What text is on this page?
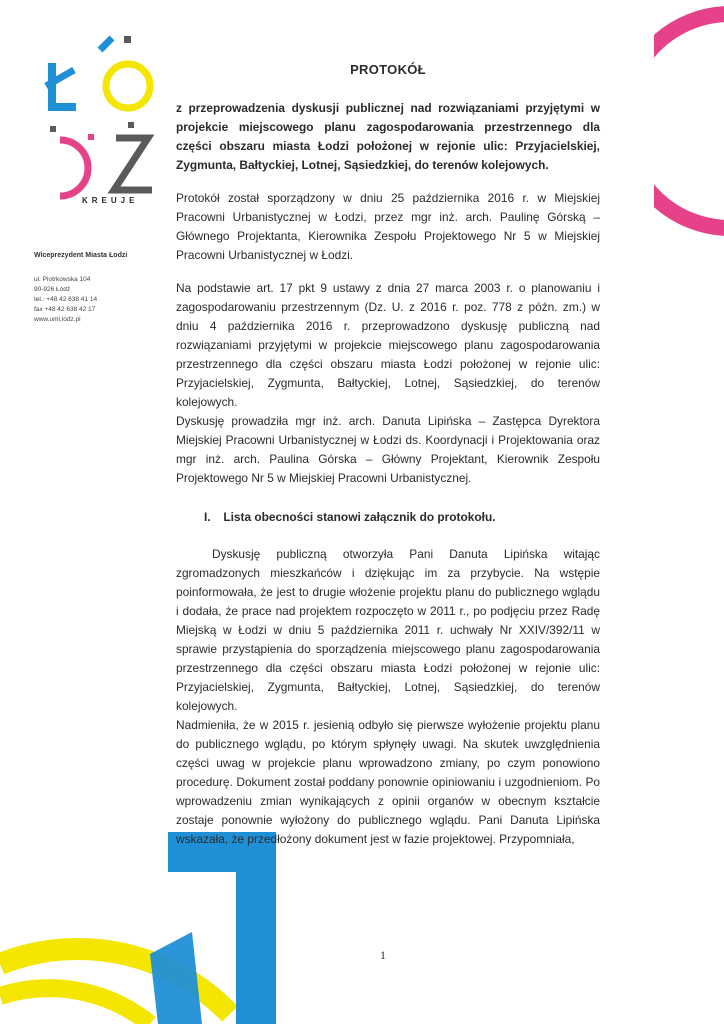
KREUJE
Wiceprezydent Miasta Łodzi
ul. Piotrkowska 104
90-926 Łódź
tel.: +48 42 638 41 14
fax +48 42 638 42 17
www.uml.lodz.pl
PROTOKÓŁ

z przeprowadzenia dyskusji publicznej nad rozwiązaniami przyjętymi w projekcie miejscowego planu zagospodarowania przestrzennego dla części obszaru miasta Łodzi położonej w rejonie ulic: Przyjacielskiej, Zygmunta, Bałtyckiej, Lotnej, Sąsiedzkiej, do terenów kolejowych.

Protokół został sporządzony w dniu 25 października 2016 r. w Miejskiej Pracowni Urbanistycznej w Łodzi, przez mgr inż. arch. Paulinę Górską – Głównego Projektanta, Kierownika Zespołu Projektowego Nr 5 w Miejskiej Pracowni Urbanistycznej w Łodzi.

Na podstawie art. 17 pkt 9 ustawy z dnia 27 marca 2003 r. o planowaniu i zagospodarowaniu przestrzennym (Dz. U. z 2016 r. poz. 778 z późn. zm.) w dniu 4 października 2016 r. przeprowadzono dyskusję publiczną nad rozwiązaniami przyjętymi w projekcie miejscowego planu zagospodarowania przestrzennego dla części obszaru miasta Łodzi położonej w rejonie ulic: Przyjacielskiej, Zygmunta, Bałtyckiej, Lotnej, Sąsiedzkiej, do terenów kolejowych.

Dyskusję prowadziła mgr inż. arch. Danuta Lipińska – Zastępca Dyrektora Miejskiej Pracowni Urbanistycznej w Łodzi ds. Koordynacji i Projektowania oraz mgr inż. arch. Paulina Górska – Główny Projektant, Kierownik Zespołu Projektowego Nr 5 w Miejskiej Pracowni Urbanistycznej.

I. Lista obecności stanowi załącznik do protokołu.

Dyskusję publiczną otworzyła Pani Danuta Lipińska witając zgromadzonych mieszkańców i dziękując im za przybycie. Na wstępie poinformowała, że jest to drugie włożenie projektu planu do publicznego wglądu i dodała, że prace nad projektem rozpoczęto w 2011 r., po podjęciu przez Radę Miejską w Łodzi w dniu 5 października 2011 r. uchwały Nr XXIV/392/11 w sprawie przystąpienia do sporządzenia miejscowego planu zagospodarowania przestrzennego dla części obszaru miasta Łodzi położonej w rejonie ulic: Przyjacielskiej, Zygmunta, Bałtyckiej, Lotnej, Sąsiedzkiej, do terenów kolejowych.

Nadmieniła, że w 2015 r. jesienią odbyło się pierwsze wyłożenie projektu planu do publicznego wglądu, po którym spłynęły uwagi. Na skutek uwzględnienia części uwag w projekcie planu wprowadzono zmiany, po czym ponowiono procedurę. Dokument został poddany ponownie opiniowaniu i uzgodnieniom. Po wprowadzeniu zmian wynikających z opinii organów w obecnym kształcie zostaje ponownie wyłożony do publicznego wglądu. Pani Danuta Lipińska wskazała, że przedłożony dokument jest w fazie projektowej. Przypomniała,

1
